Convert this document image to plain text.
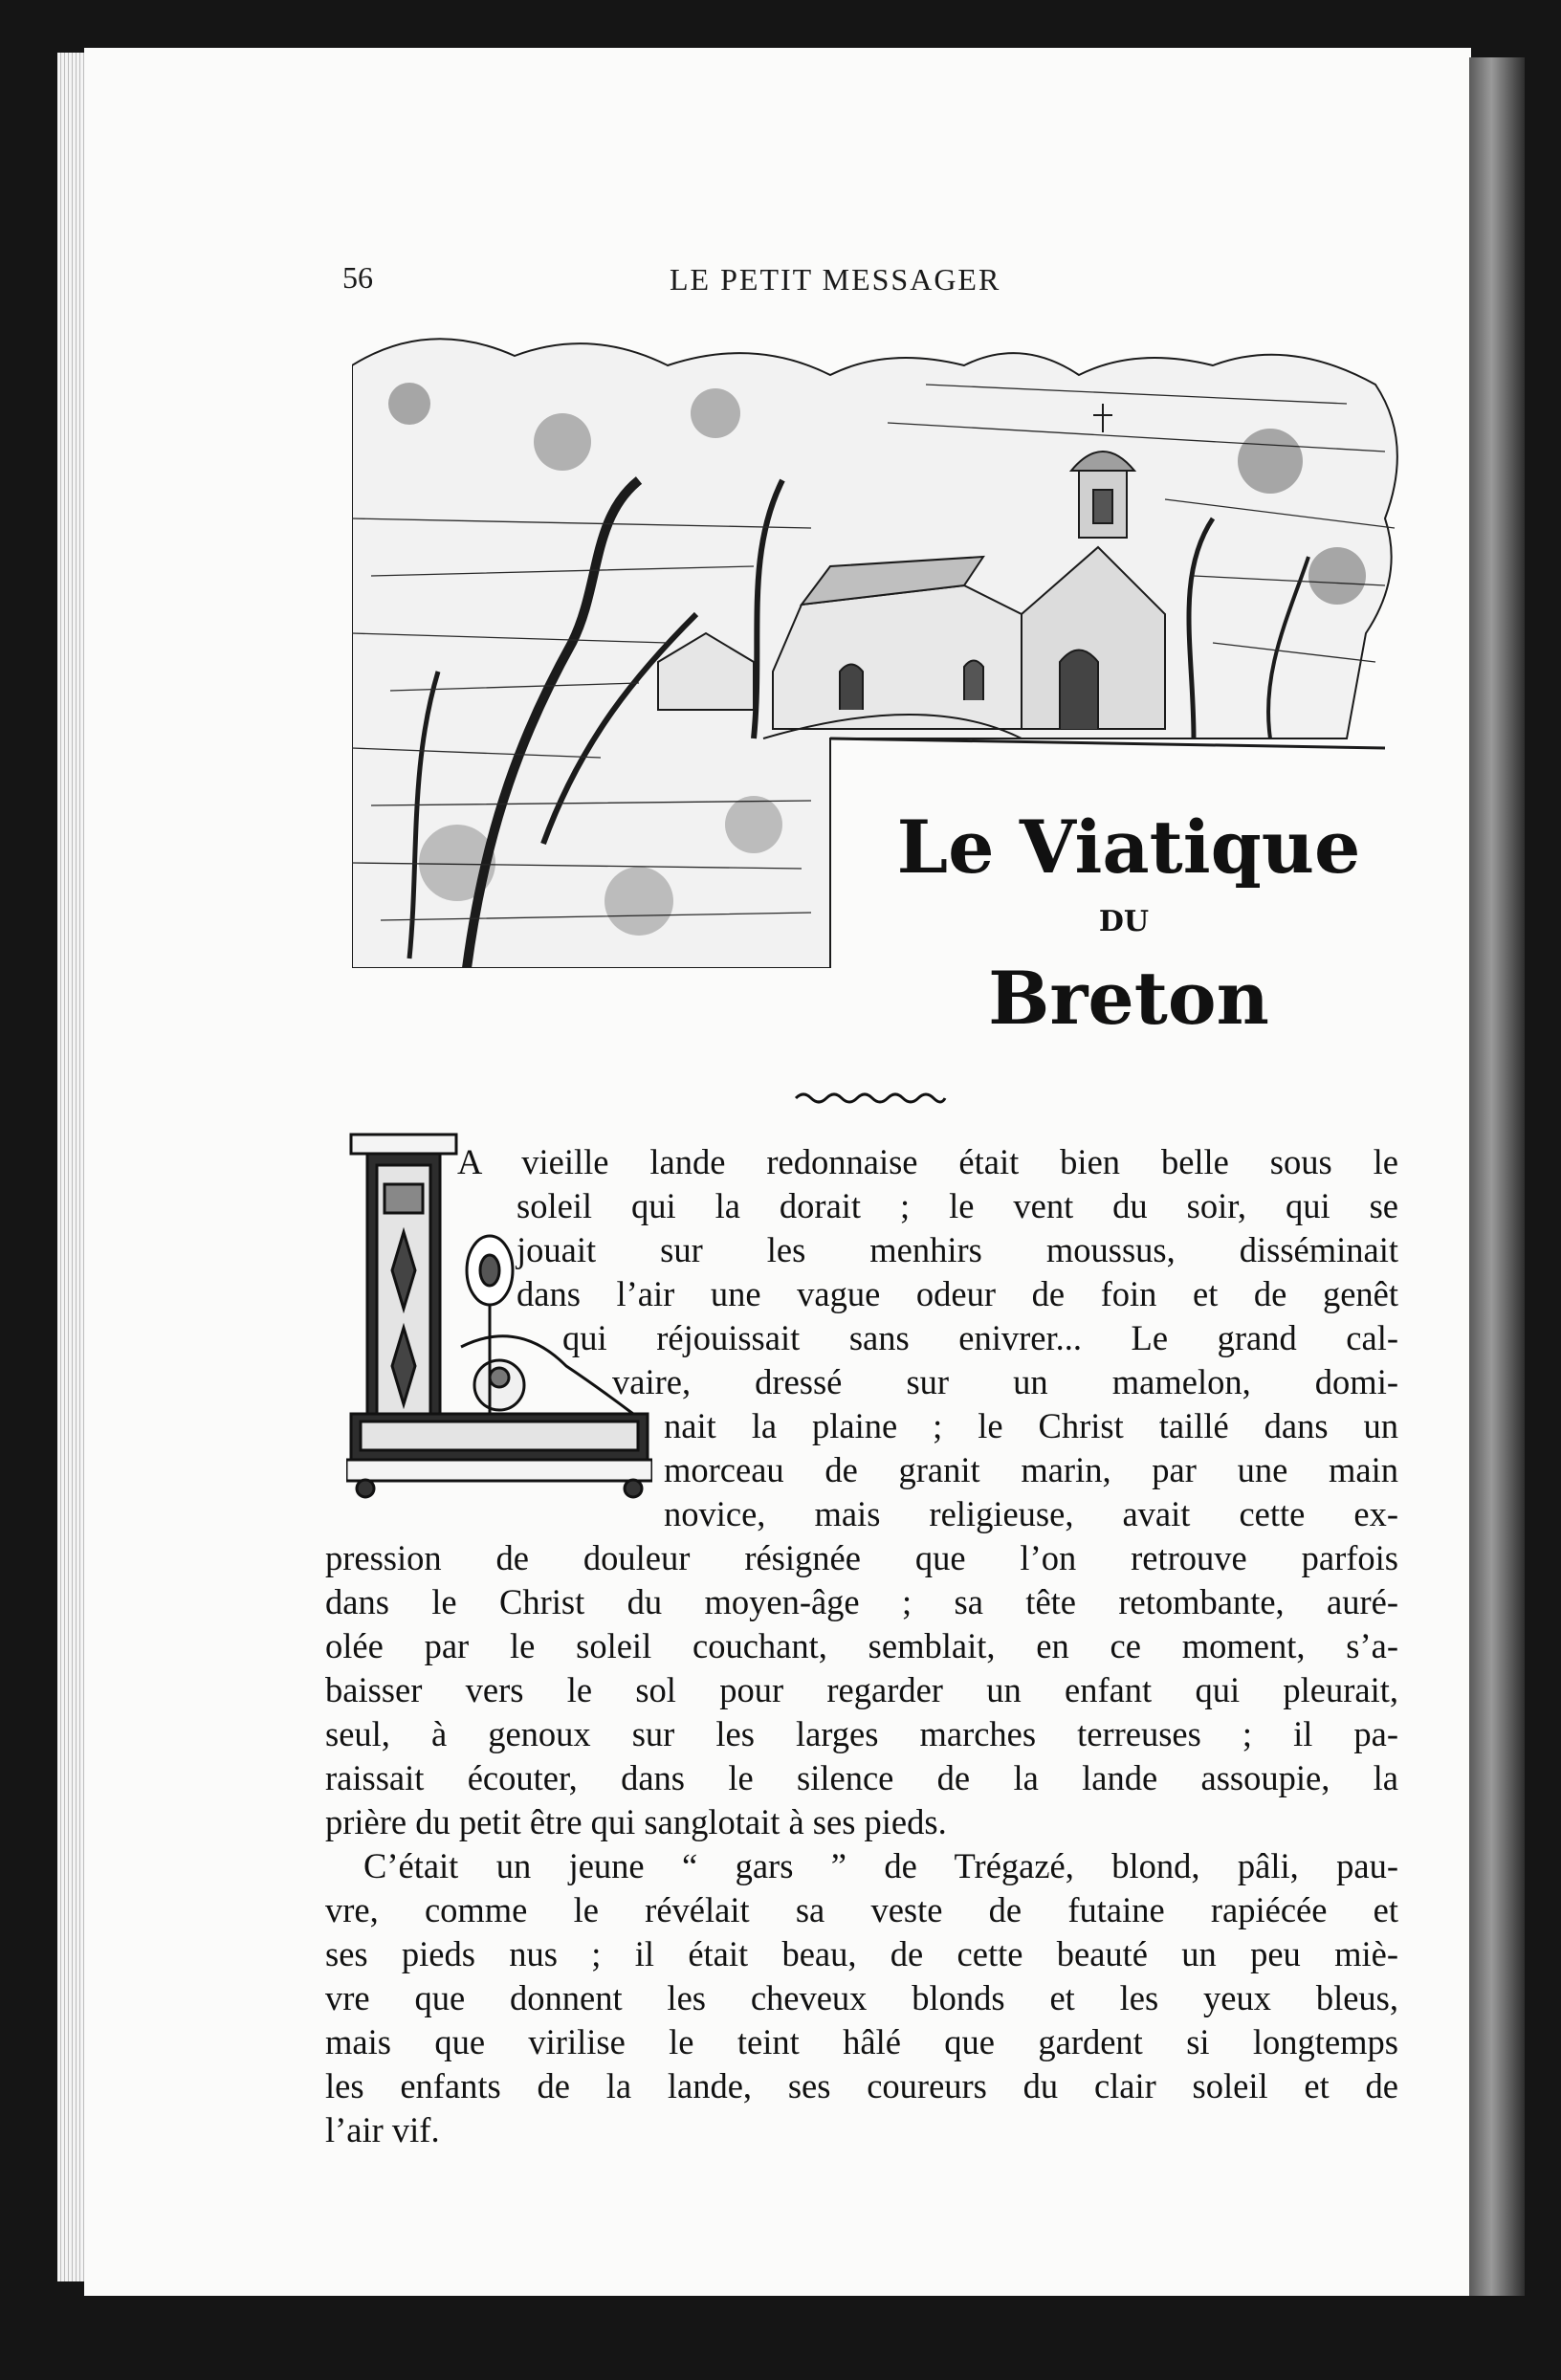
56	LE PETIT MESSAGER
Le Viatique
DU
Breton
A vieille lande redonnaise était bien belle sous le
soleil qui la dorait ; le vent du soir, qui se
jouait sur les menhirs moussus, disséminait
dans l’air une vague odeur de foin et de genêt
qui réjouissait sans enivrer... Le grand cal-
vaire, dressé sur un mamelon, domi-
nait la plaine ; le Christ taillé dans un
morceau de granit marin, par une main
novice, mais religieuse, avait cette ex-
pression de douleur résignée que l’on retrouve parfois
dans le Christ du moyen-âge ; sa tête retombante, auré-
olée par le soleil couchant, semblait, en ce moment, s’a-
baisser vers le sol pour regarder un enfant qui pleurait,
seul, à genoux sur les larges marches terreuses ; il pa-
raissait écouter, dans le silence de la lande assoupie, la
prière du petit être qui sanglotait à ses pieds.
C’était un jeune “ gars ” de Trégazé, blond, pâli, pau-
vre, comme le révélait sa veste de futaine rapiécée et
ses pieds nus ; il était beau, de cette beauté un peu miè-
vre que donnent les cheveux blonds et les yeux bleus,
mais que virilise le teint hâlé que gardent si longtemps
les enfants de la lande, ses coureurs du clair soleil et de
l’air vif.
